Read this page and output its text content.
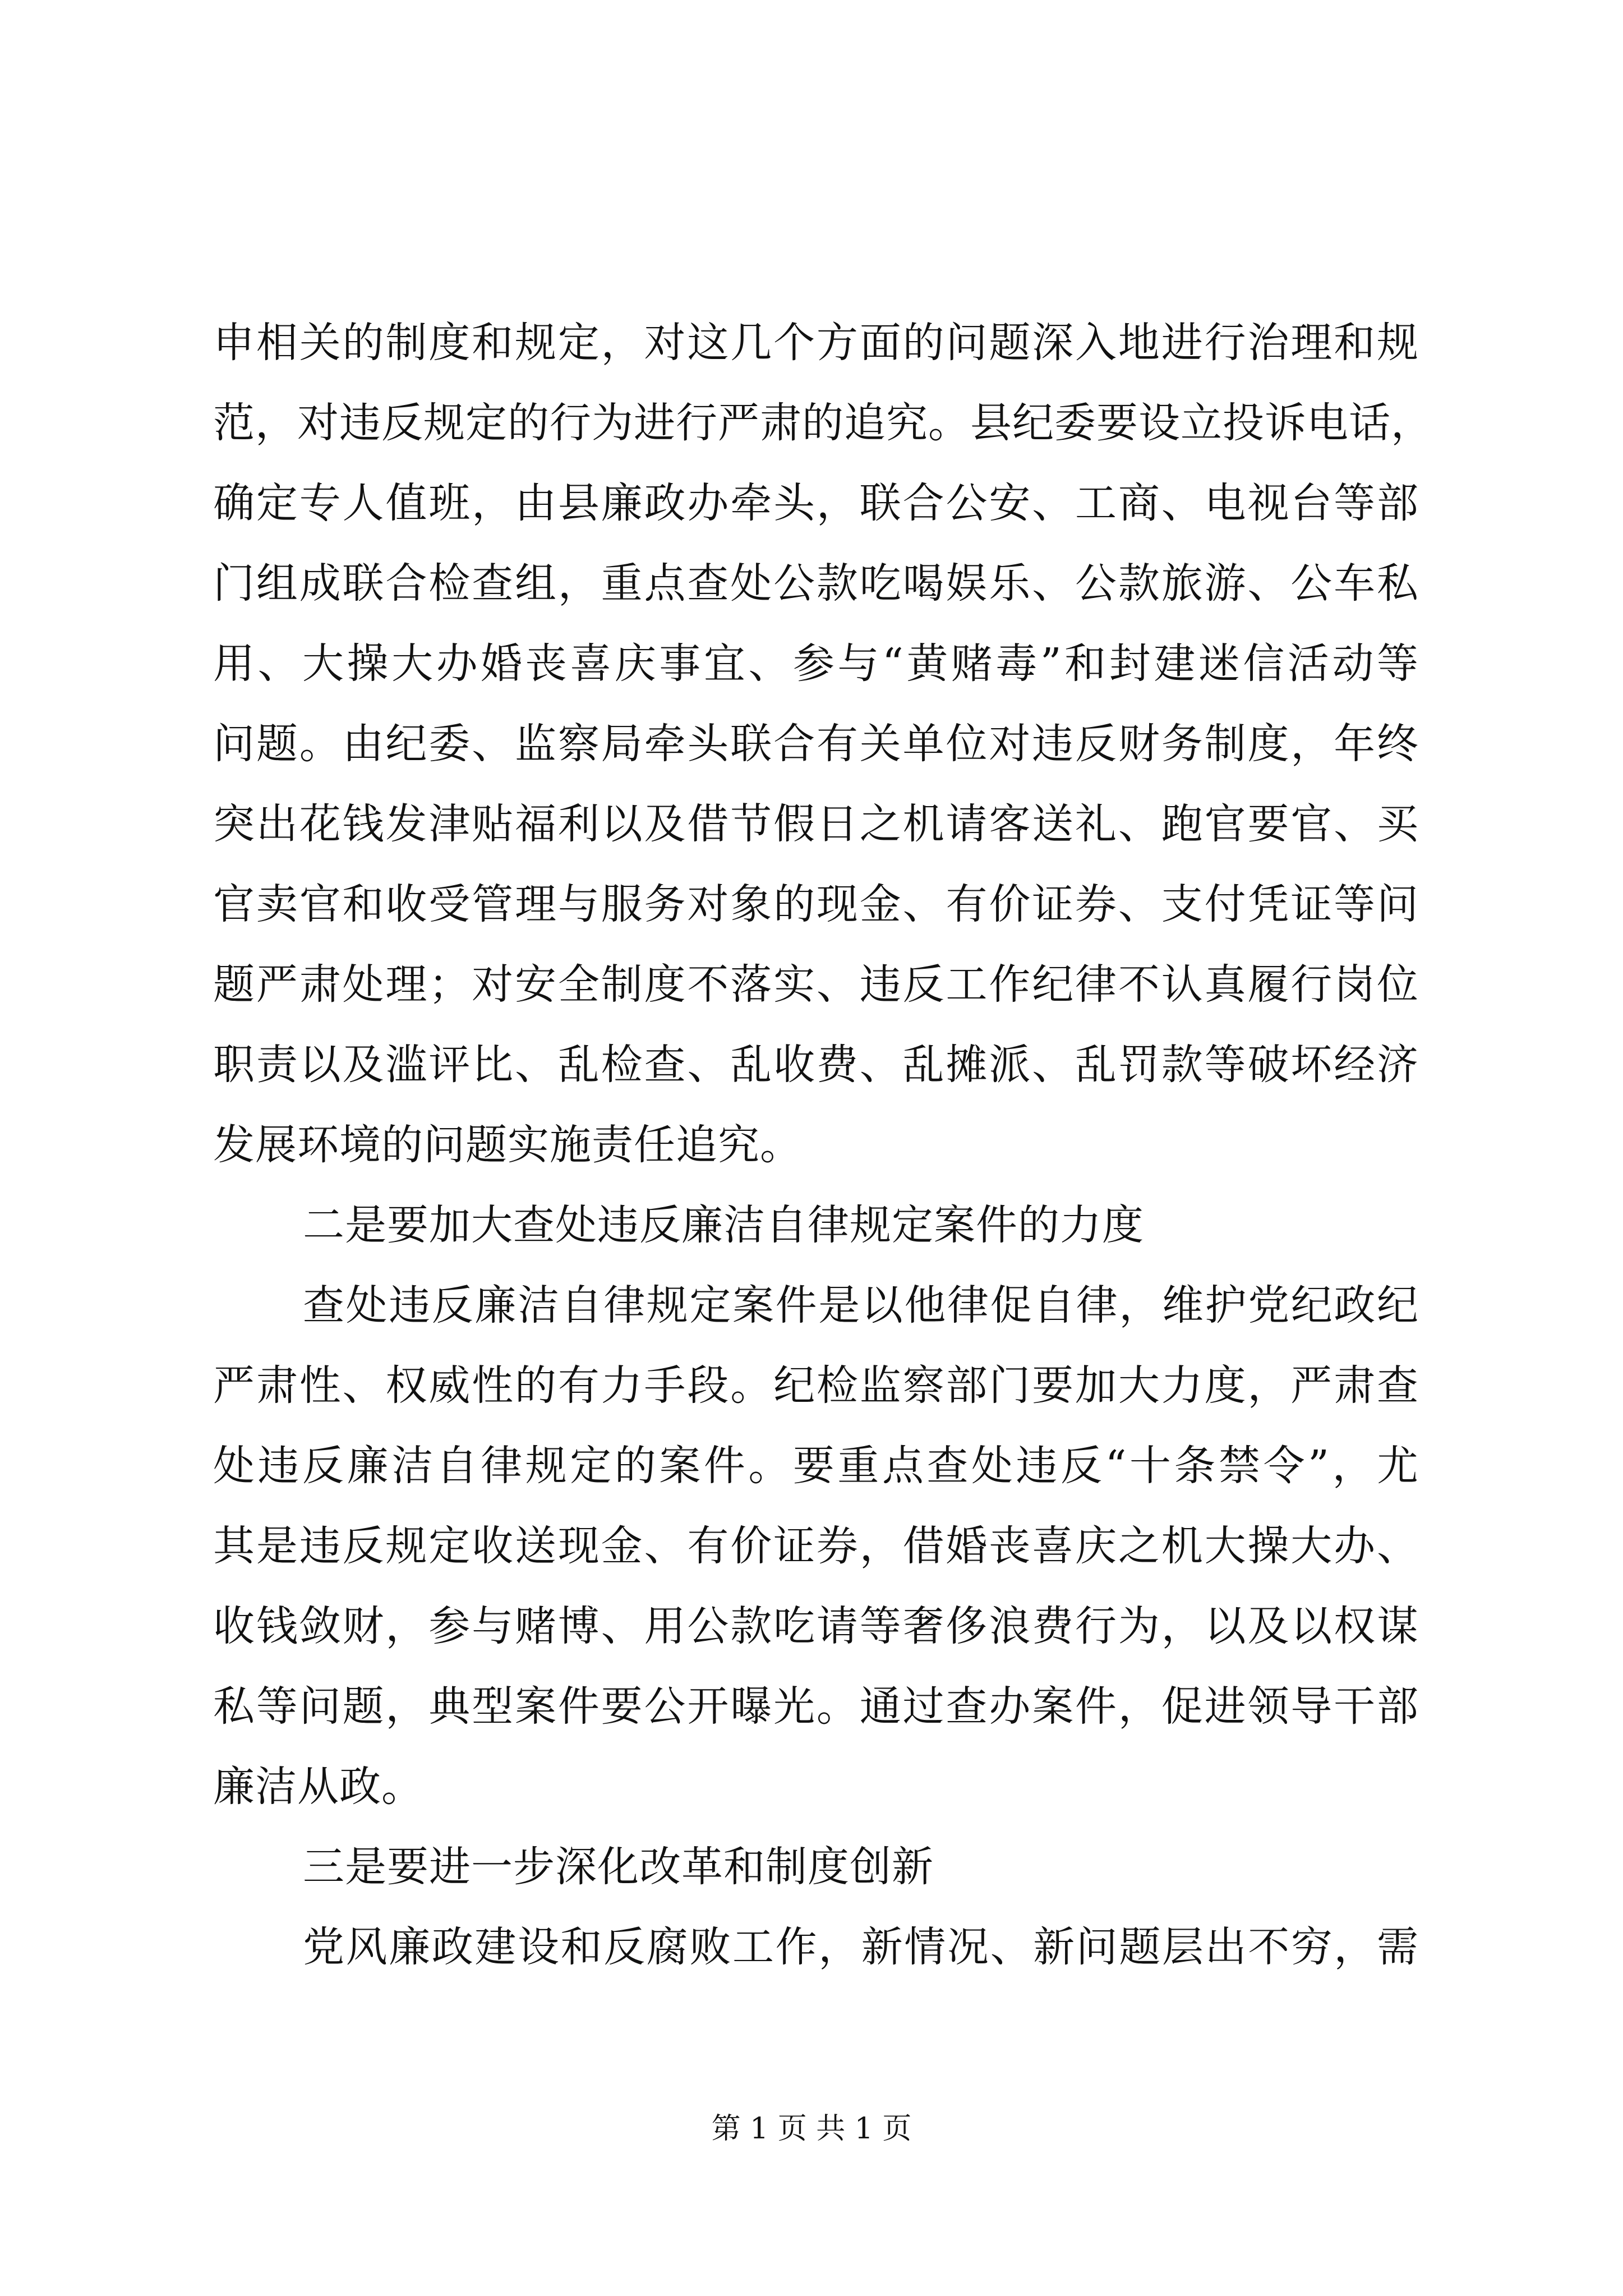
申相关的制度和规定，对这几个方面的问题深入地进行治理和规
范，对违反规定的行为进行严肃的追究。县纪委要设立投诉电话，
确定专人值班，由县廉政办牵头，联合公安、工商、电视台等部
门组成联合检查组，重点查处公款吃喝娱乐、公款旅游、公车私
用、大操大办婚丧喜庆事宜、参与“黄赌毒”和封建迷信活动等
问题。由纪委、监察局牵头联合有关单位对违反财务制度，年终
突出花钱发津贴福利以及借节假日之机请客送礼、跑官要官、买
官卖官和收受管理与服务对象的现金、有价证券、支付凭证等问
题严肃处理；对安全制度不落实、违反工作纪律不认真履行岗位
职责以及滥评比、乱检查、乱收费、乱摊派、乱罚款等破坏经济
发展环境的问题实施责任追究。
二是要加大查处违反廉洁自律规定案件的力度
查处违反廉洁自律规定案件是以他律促自律，维护党纪政纪
严肃性、权威性的有力手段。纪检监察部门要加大力度，严肃查
处违反廉洁自律规定的案件。要重点查处违反“十条禁令”，尤
其是违反规定收送现金、有价证券，借婚丧喜庆之机大操大办、
收钱敛财，参与赌博、用公款吃请等奢侈浪费行为，以及以权谋
私等问题，典型案件要公开曝光。通过查办案件，促进领导干部
廉洁从政。
三是要进一步深化改革和制度创新
党风廉政建设和反腐败工作，新情况、新问题层出不穷，需
第 1 页 共 1 页
